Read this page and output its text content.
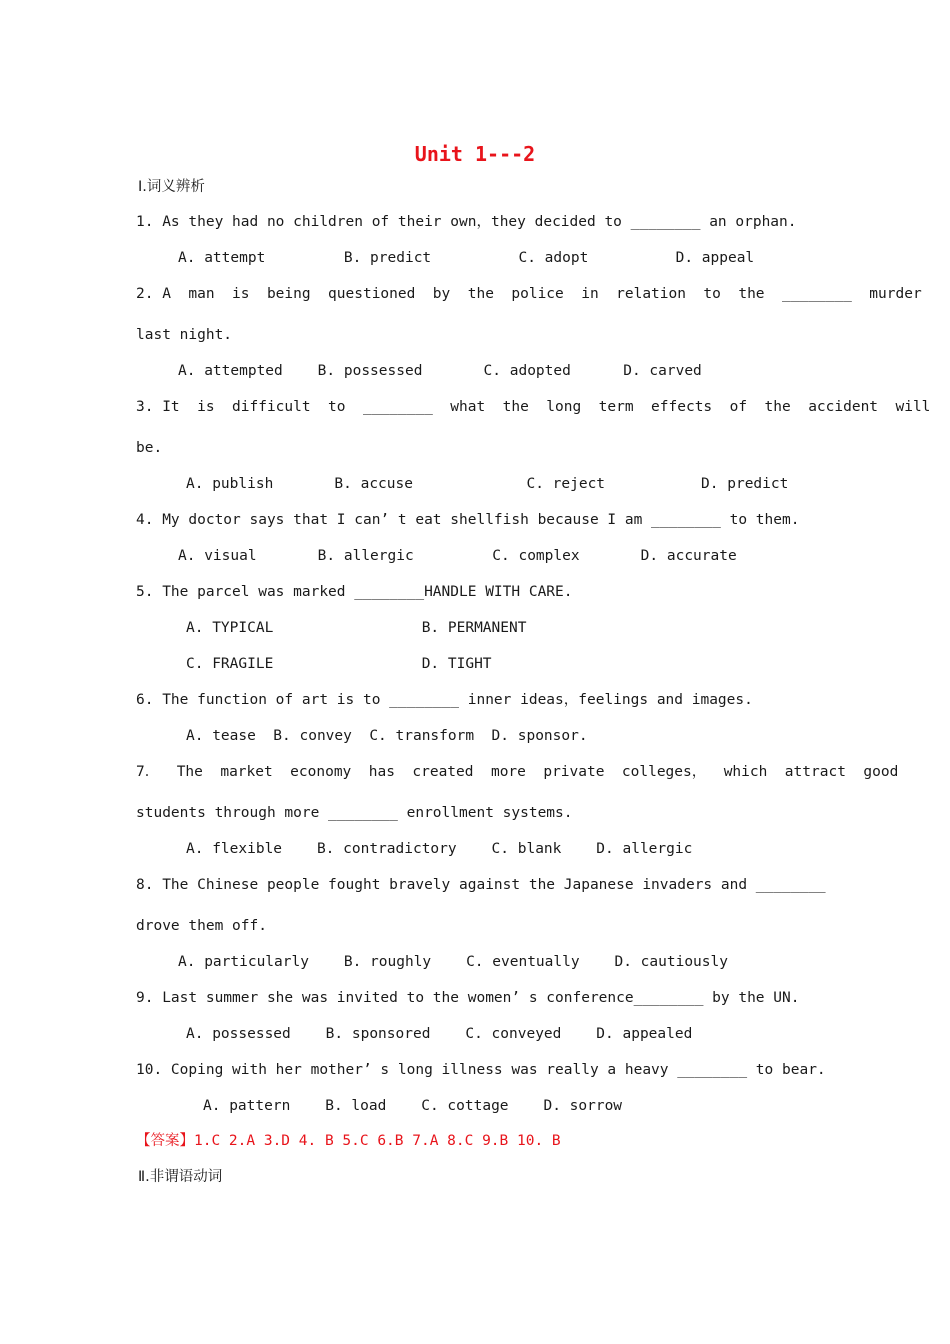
Unit 1---2
Ⅰ.词义辨析
1. As they had no children of their own，they decided to ________ an orphan.
A. attempt         B. predict          C. adopt          D. appeal
2. A  man  is  being  questioned  by  the  police  in  relation  to  the  ________  murder
last night.
A. attempted    B. possessed       C. adopted      D. carved
3. It  is  difficult  to  ________  what  the  long  term  effects  of  the  accident  will
be.
A. publish       B. accuse             C. reject           D. predict
4. My doctor says that I can’ t eat shellfish because I am ________ to them.
A. visual       B. allergic         C. complex       D. accurate
5. The parcel was marked ________HANDLE WITH CARE.
A. TYPICAL                 B. PERMANENT
C. FRAGILE                 D. TIGHT
6. The function of art is to ________ inner ideas，feelings and images.
A. tease  B. convey  C. transform  D. sponsor.
7．  The  market  economy  has  created  more  private  colleges，  which  attract  good
students through more ________ enrollment systems.
A. flexible    B. contradictory    C. blank    D. allergic
8. The Chinese people fought bravely against the Japanese invaders and ________
drove them off.
A. particularly    B. roughly    C. eventually    D. cautiously
9. Last summer she was invited to the women’ s conference________ by the UN.
A. possessed    B. sponsored    C. conveyed    D. appealed
10. Coping with her mother’ s long illness was really a heavy ________ to bear.
A. pattern    B. load    C. cottage    D. sorrow
【答案】1.C 2.A 3.D 4. B 5.C 6.B 7.A 8.C 9.B 10. B
Ⅱ.非谓语动词
